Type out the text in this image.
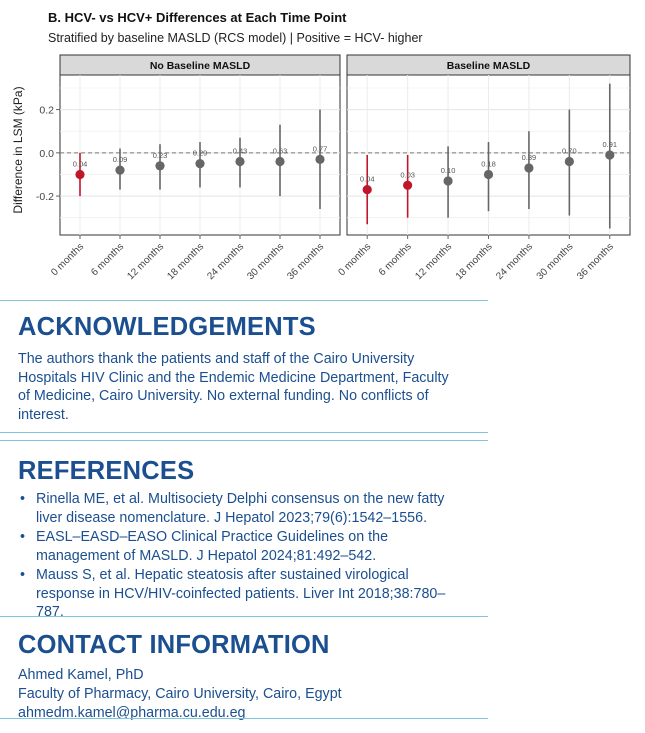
B. HCV- vs HCV+ Differences at Each Time Point
Stratified by baseline MASLD (RCS model) | Positive = HCV- higher
Difference in LSM (kPa) 0.2
0.0
-0.2
No Baseline MASLD
0.04
0 months
0.09
6 months
0.23
12 months
0.29
18 months
0.43
24 months
0.63
30 months
0.77
36 months
Baseline MASLD
0.04
0 months
0.03
6 months
0.10
12 months
0.18
18 months
0.39
24 months
0.70
30 months
0.91
36 months
ACKNOWLEDGEMENTS

The authors thank the patients and staff of the Cairo University

Hospitals HIV Clinic and the Endemic Medicine Department, Faculty

of Medicine, Cairo University. No external funding. No conflicts of

interest.

REFERENCES
• Rinella ME, et al. Multisociety Delphi consensus on the new fatty
liver disease nomenclature. J Hepatol 2023;79(6):1542–1556.
• EASL–EASD–EASO Clinical Practice Guidelines on the
management of MASLD. J Hepatol 2024;81:492–542.
• Mauss S, et al. Hepatic steatosis after sustained virological
response in HCV/HIV-coinfected patients. Liver Int 2018;38:780–
787.
CONTACT INFORMATION
Ahmed Kamel, PhD
Faculty of Pharmacy, Cairo University, Cairo, Egypt
ahmedm.kamel@pharma.cu.edu.eg
